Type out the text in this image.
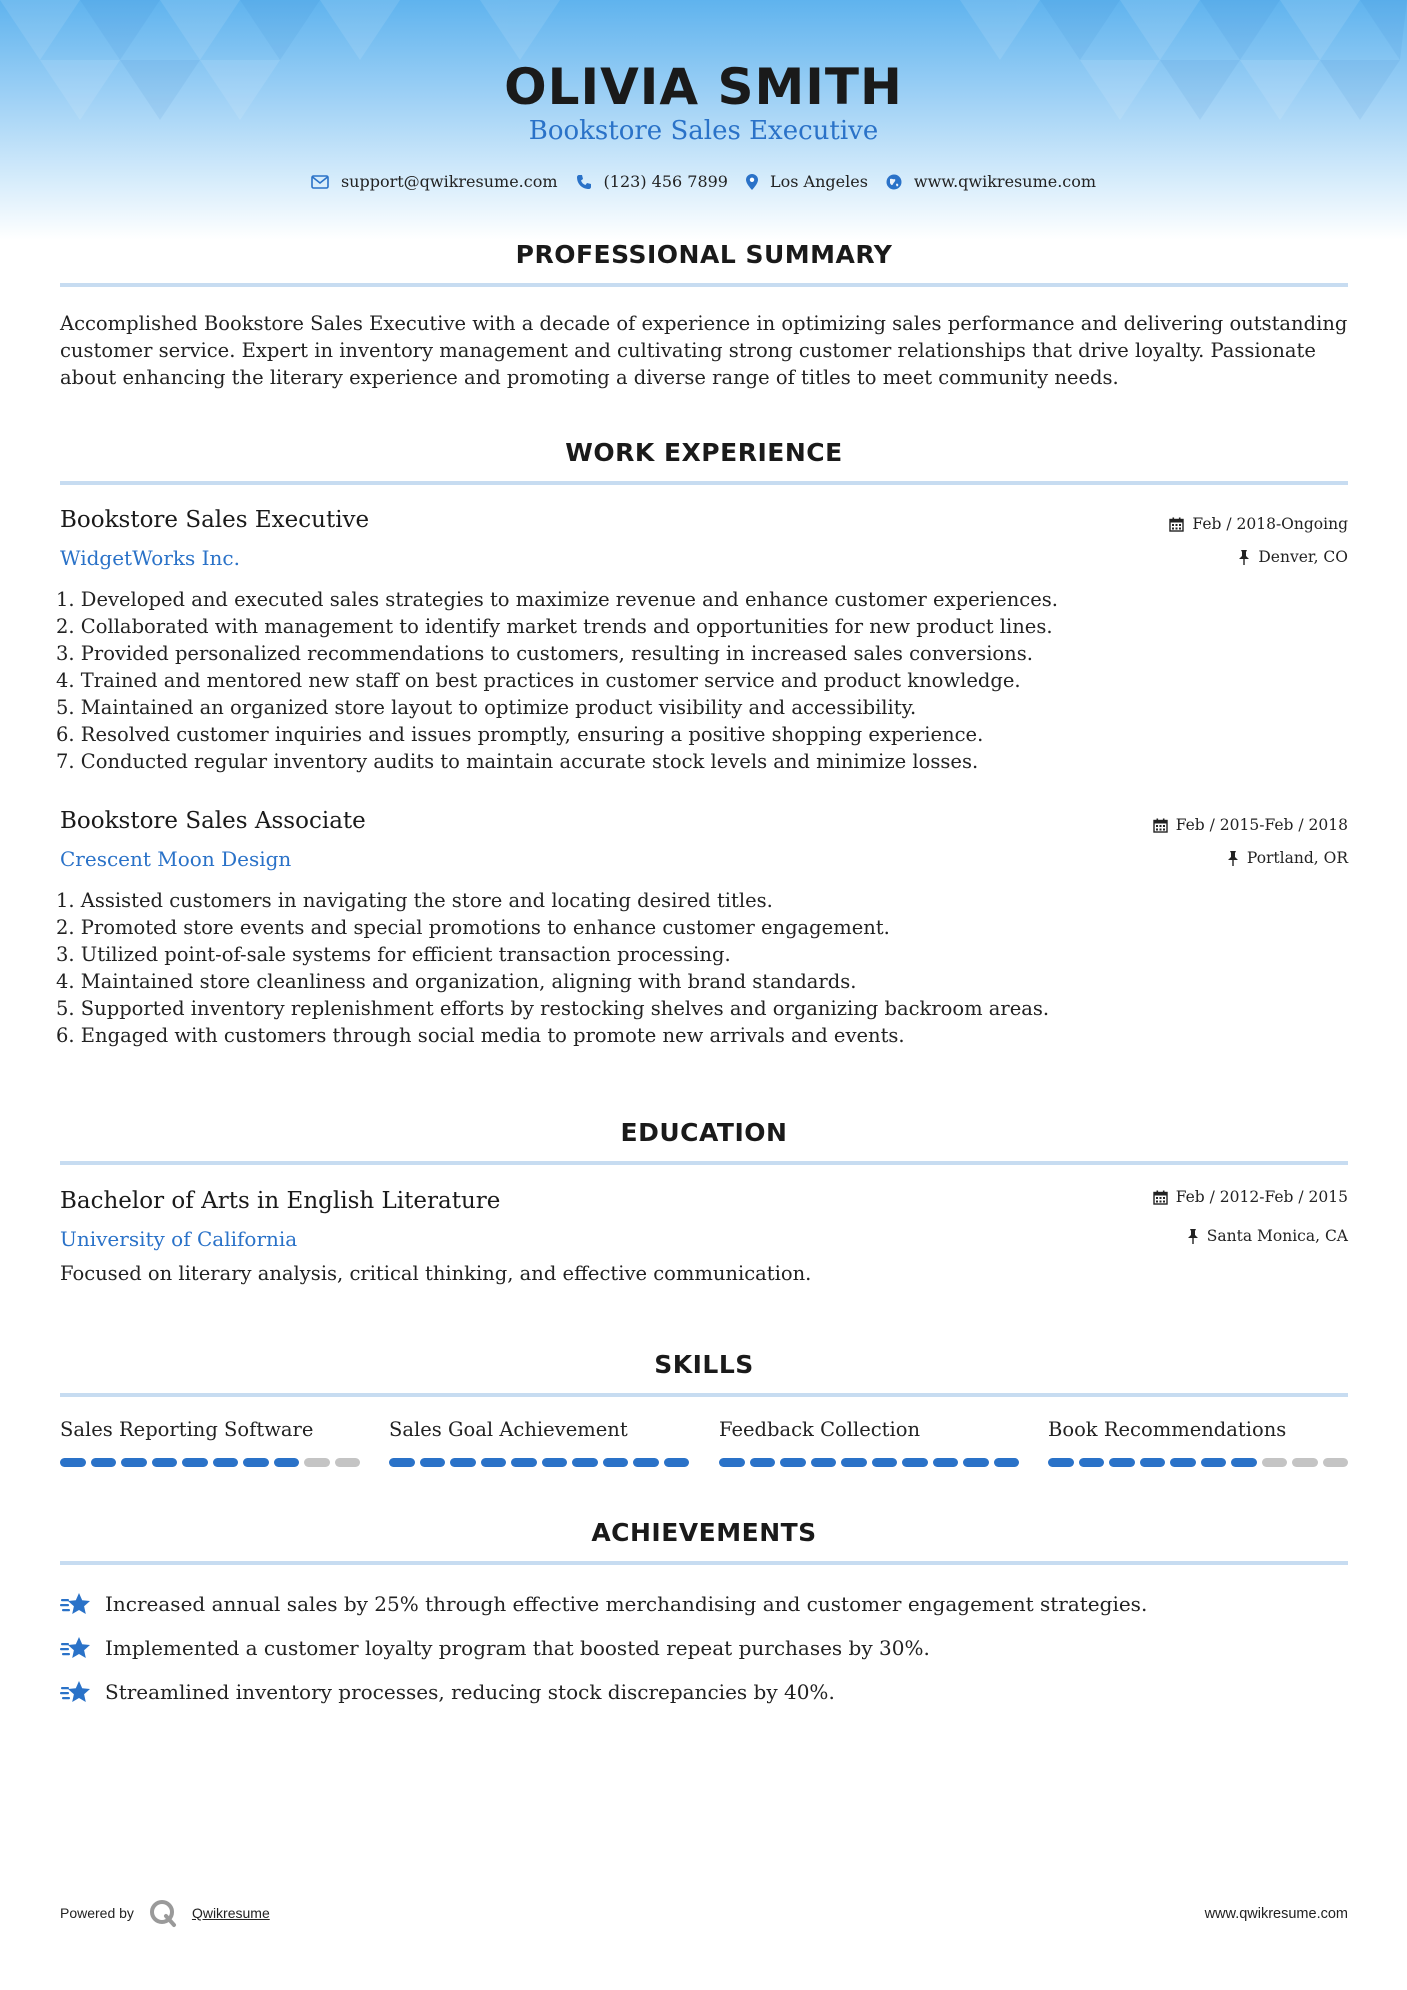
OLIVIA SMITH
Bookstore Sales Executive
support@qwikresume.com	(123) 456 7899	Los Angeles	www.qwikresume.com
PROFESSIONAL SUMMARY

Accomplished Bookstore Sales Executive with a decade of experience in optimizing sales performance and delivering outstanding customer service. Expert in inventory management and cultivating strong customer relationships that drive loyalty. Passionate about enhancing the literary experience and promoting a diverse range of titles to meet community needs.

WORK EXPERIENCE
Bookstore Sales Executive
WidgetWorks Inc.
Feb / 2018-Ongoing
Denver, CO
1. Developed and executed sales strategies to maximize revenue and enhance customer experiences.
2. Collaborated with management to identify market trends and opportunities for new product lines.
3. Provided personalized recommendations to customers, resulting in increased sales conversions.
4. Trained and mentored new staff on best practices in customer service and product knowledge.
5. Maintained an organized store layout to optimize product visibility and accessibility.
6. Resolved customer inquiries and issues promptly, ensuring a positive shopping experience.
7. Conducted regular inventory audits to maintain accurate stock levels and minimize losses.
Bookstore Sales Associate
Crescent Moon Design
Feb / 2015-Feb / 2018
Portland, OR
1. Assisted customers in navigating the store and locating desired titles.
2. Promoted store events and special promotions to enhance customer engagement.
3. Utilized point-of-sale systems for efficient transaction processing.
4. Maintained store cleanliness and organization, aligning with brand standards.
5. Supported inventory replenishment efforts by restocking shelves and organizing backroom areas.
6. Engaged with customers through social media to promote new arrivals and events.
EDUCATION
Bachelor of Arts in English Literature
University of California
Feb / 2012-Feb / 2015
Santa Monica, CA
Focused on literary analysis, critical thinking, and effective communication.
SKILLS
Sales Reporting Software	Sales Goal Achievement	Feedback Collection	Book Recommendations
ACHIEVEMENTS
Increased annual sales by 25% through effective merchandising and customer engagement strategies.
Implemented a customer loyalty program that boosted repeat purchases by 30%.
Streamlined inventory processes, reducing stock discrepancies by 40%.
Powered by	Qwikresume	www.qwikresume.com
